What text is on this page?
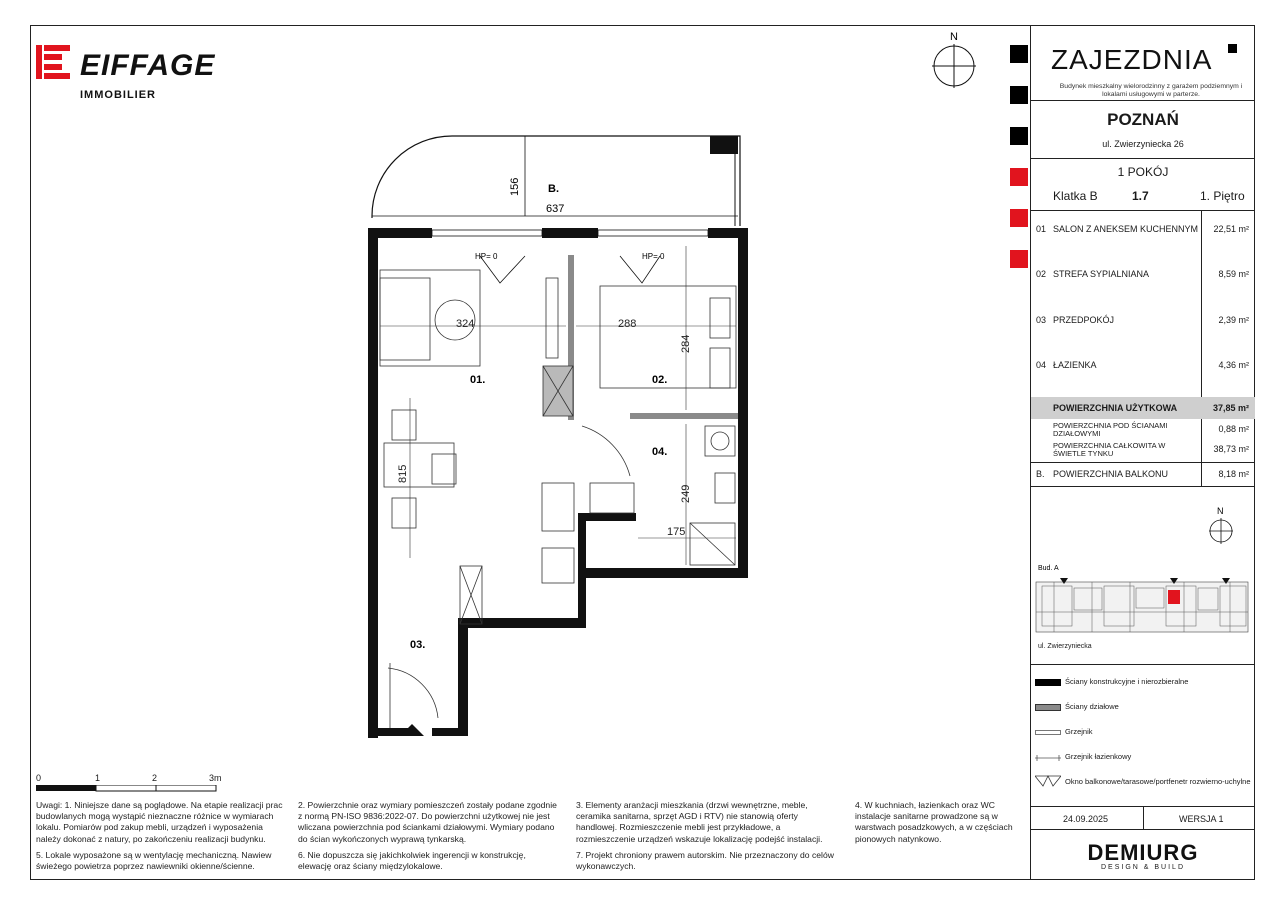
EIFFAGE
IMMOBILIER
N
B.
637
156
HP= 0	HP= 0
324	288
284
815
249
175
01.	02.
03.
04.
0	1	2	3m

Uwagi: 1. Niniejsze dane są poglądowe. Na etapie realizacji prac budowlanych mogą wystąpić nieznaczne różnice w wymiarach lokalu. Pomiarów pod zakup mebli, urządzeń i wyposażenia należy dokonać z natury, po zakończeniu realizacji budynku.

5. Lokale wyposażone są w wentylację mechaniczną. Nawiew świeżego powietrza poprzez nawiewniki okienne/ścienne.

2. Powierzchnie oraz wymiary pomieszczeń zostały podane zgodnie z normą PN-ISO 9836:2022-07. Do powierzchni użytkowej nie jest wliczana powierzchnia pod ściankami działowymi. Wymiary podano do ścian wykończonych wyprawą tynkarską.

6. Nie dopuszcza się jakichkolwiek ingerencji w konstrukcję, elewację oraz ściany międzylokalowe.

3. Elementy aranżacji mieszkania (drzwi wewnętrzne, meble, ceramika sanitarna, sprzęt AGD i RTV) nie stanowią oferty handlowej. Rozmieszczenie mebli jest przykładowe, a rozmieszczenie urządzeń wskazuje lokalizację podejść instalacji.

7. Projekt chroniony prawem autorskim. Nie przeznaczony do celów wykonawczych.

4. W kuchniach, łazienkach oraz WC instalacje sanitarne prowadzone są w warstwach posadzkowych, a w częściach pionowych natynkowo.

ZAJEZDNIA
Budynek mieszkalny wielorodzinny z garażem podziemnym i lokalami usługowymi w parterze.
POZNAŃ
ul. Zwierzyniecka 26
1 POKÓJ
Klatka B	1.7	1. Piętro
01 SALON Z ANEKSEM KUCHENNYM	22,51 m²
02 STREFA SYPIALNIANA	8,59 m²
03 PRZEDPOKÓJ	2,39 m²
04 ŁAZIENKA	4,36 m²
POWIERZCHNIA UŻYTKOWA	37,85 m²
POWIERZCHNIA POD ŚCIANAMI DZIAŁOWYMI	0,88 m²
POWIERZCHNIA CAŁKOWITA W ŚWIETLE TYNKU	38,73 m²
B. POWIERZCHNIA BALKONU	8,18 m²
N
Bud. A
ul. Zwierzyniecka
Ściany konstrukcyjne i nierozbieralne
Ściany działowe
Grzejnik
Grzejnik łazienkowy
Okno balkonowe/tarasowe/portfenetr rozwierno-uchylne
24.09.2025	WERSJA 1
DEMIURG
DESIGN & BUILD
